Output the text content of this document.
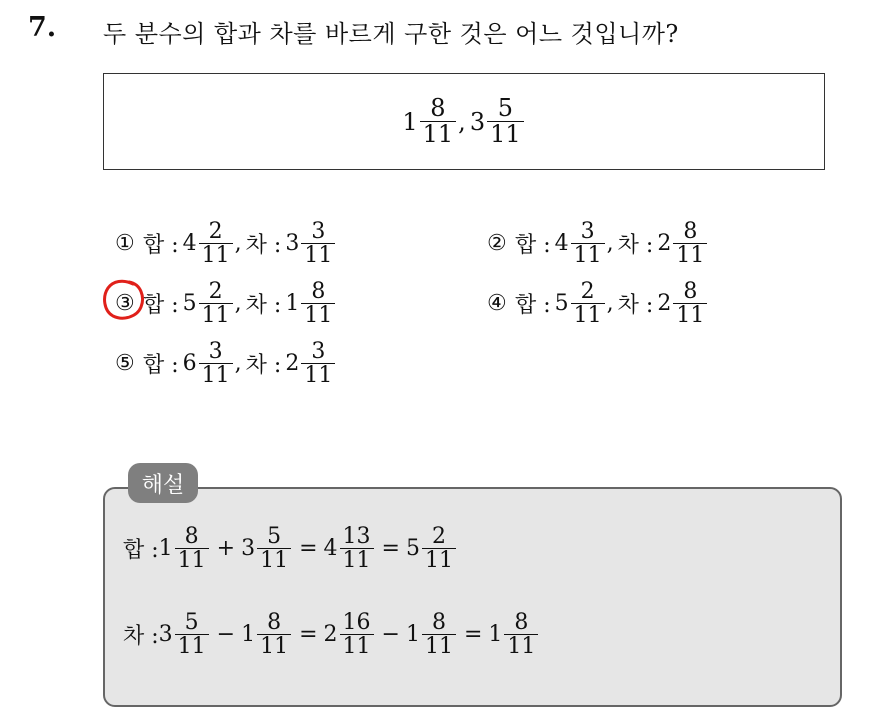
7. 두 분수의 합과 차를 바르게 구한 것은 어느 것입니까?
$1 \frac{8}{11}$ , $3 \frac{5}{11}$
① 합 : $4 \frac{2}{11}$ , 차 : $3 \frac{3}{11}$	② 합 : $4 \frac{3}{11}$ , 차 : $2 \frac{8}{11}$
③ 합 : $5 \frac{2}{11}$ , 차 : $1 \frac{8}{11}$	④ 합 : $5 \frac{2}{11}$ , 차 : $2 \frac{8}{11}$
⑤ 합 : $6 \frac{3}{11}$ , 차 : $2 \frac{3}{11}$
해설
합 : $1 \frac{8}{11} + 3 \frac{5}{11} = 4 \frac{13}{11} = 5 \frac{2}{11}$
차 : $3 \frac{5}{11} - 1 \frac{8}{11} = 2 \frac{16}{11} - 1 \frac{8}{11} = 1 \frac{8}{11}$
